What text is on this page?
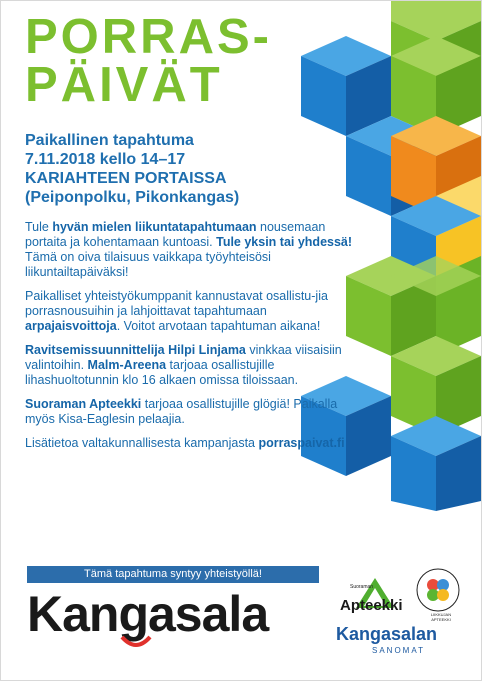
PORRAS-
PÄIVÄT
Paikallinen tapahtuma
7.11.2018 kello 14–17
KARIAHTEEN PORTAISSA
(Peiponpolku, Pikonkangas)

Tule hyvän mielen liikuntatapahtumaan nousemaan portaita ja kohentamaan kuntoasi. Tule yksin tai yhdessä! Tämä on oiva tilaisuus vaikkapa työyhteisösi liikuntailtapäiväksi!

Paikalliset yhteistyökumppanit kannustavat osallistu-jia porrasnousuihin ja lahjoittavat tapahtumaan arpajaisvoittoja. Voitot arvotaan tapahtuman aikana!

Ravitsemissuunnittelija Hilpi Linjama vinkkaa viisaisiin valintoihin. Malm-Areena tarjoaa osallistujille lihashuoltotunnin klo 16 alkaen omissa tiloissaan.

Suoraman Apteekki tarjoaa osallistujille glögiä! Paikalla myös Kisa-Eaglesin pelaajia.

Lisätietoa valtakunnallisesta kampanjasta porraspaivat.fi

Tämä tapahtuma syntyy yhteistyöllä!
Kangasala	Suoraman
Apteekki
LIIKKUJAN APTEEKKI
Kangasalan
SANOMAT
